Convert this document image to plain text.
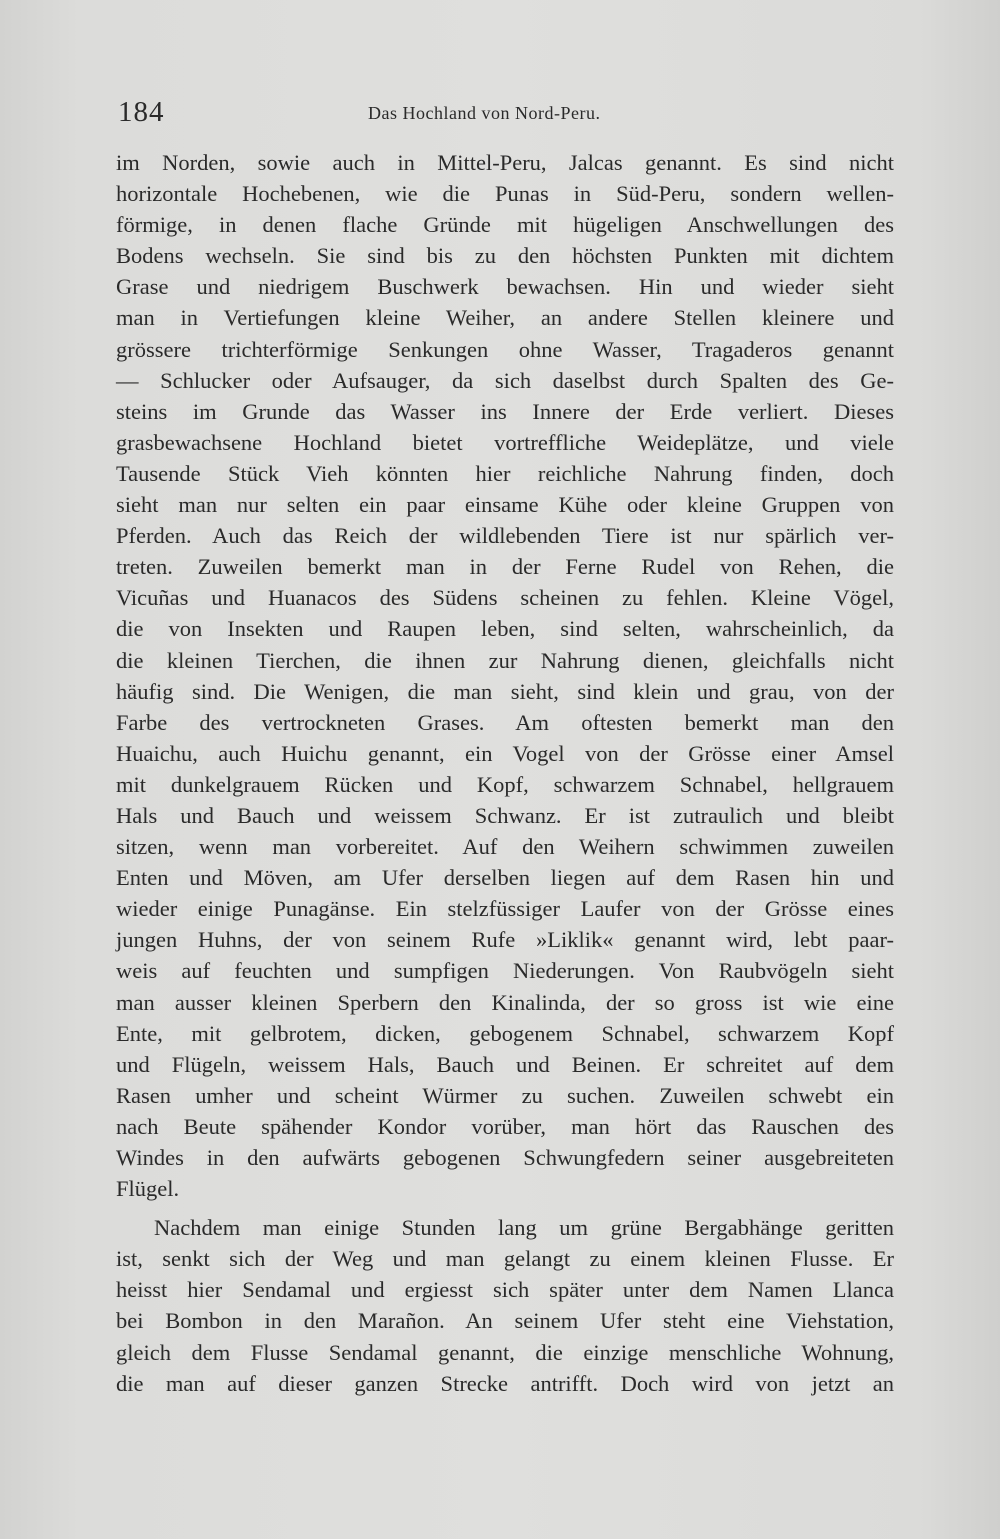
184	Das Hochland von Nord-Peru.
im Norden, sowie auch in Mittel-Peru, Jalcas genannt. Es sind nicht
horizontale Hochebenen, wie die Punas in Süd-Peru, sondern wellen-
förmige, in denen flache Gründe mit hügeligen Anschwellungen des
Bodens wechseln. Sie sind bis zu den höchsten Punkten mit dichtem
Grase und niedrigem Buschwerk bewachsen. Hin und wieder sieht
man in Vertiefungen kleine Weiher, an andere Stellen kleinere und
grössere trichterförmige Senkungen ohne Wasser, Tragaderos genannt
— Schlucker oder Aufsauger, da sich daselbst durch Spalten des Ge-
steins im Grunde das Wasser ins Innere der Erde verliert. Dieses
grasbewachsene Hochland bietet vortreffliche Weideplätze, und viele
Tausende Stück Vieh könnten hier reichliche Nahrung finden, doch
sieht man nur selten ein paar einsame Kühe oder kleine Gruppen von
Pferden. Auch das Reich der wildlebenden Tiere ist nur spärlich ver-
treten. Zuweilen bemerkt man in der Ferne Rudel von Rehen, die
Vicuñas und Huanacos des Südens scheinen zu fehlen. Kleine Vögel,
die von Insekten und Raupen leben, sind selten, wahrscheinlich, da
die kleinen Tierchen, die ihnen zur Nahrung dienen, gleichfalls nicht
häufig sind. Die Wenigen, die man sieht, sind klein und grau, von der
Farbe des vertrockneten Grases. Am oftesten bemerkt man den
Huaichu, auch Huichu genannt, ein Vogel von der Grösse einer Amsel
mit dunkelgrauem Rücken und Kopf, schwarzem Schnabel, hellgrauem
Hals und Bauch und weissem Schwanz. Er ist zutraulich und bleibt
sitzen, wenn man vorbereitet. Auf den Weihern schwimmen zuweilen
Enten und Möven, am Ufer derselben liegen auf dem Rasen hin und
wieder einige Punagänse. Ein stelzfüssiger Laufer von der Grösse eines
jungen Huhns, der von seinem Rufe »Liklik« genannt wird, lebt paar-
weis auf feuchten und sumpfigen Niederungen. Von Raubvögeln sieht
man ausser kleinen Sperbern den Kinalinda, der so gross ist wie eine
Ente, mit gelbrotem, dicken, gebogenem Schnabel, schwarzem Kopf
und Flügeln, weissem Hals, Bauch und Beinen. Er schreitet auf dem
Rasen umher und scheint Würmer zu suchen. Zuweilen schwebt ein
nach Beute spähender Kondor vorüber, man hört das Rauschen des
Windes in den aufwärts gebogenen Schwungfedern seiner ausgebreiteten
Flügel.
Nachdem man einige Stunden lang um grüne Bergabhänge geritten
ist, senkt sich der Weg und man gelangt zu einem kleinen Flusse. Er
heisst hier Sendamal und ergiesst sich später unter dem Namen Llanca
bei Bombon in den Marañon. An seinem Ufer steht eine Viehstation,
gleich dem Flusse Sendamal genannt, die einzige menschliche Wohnung,
die man auf dieser ganzen Strecke antrifft. Doch wird von jetzt an
